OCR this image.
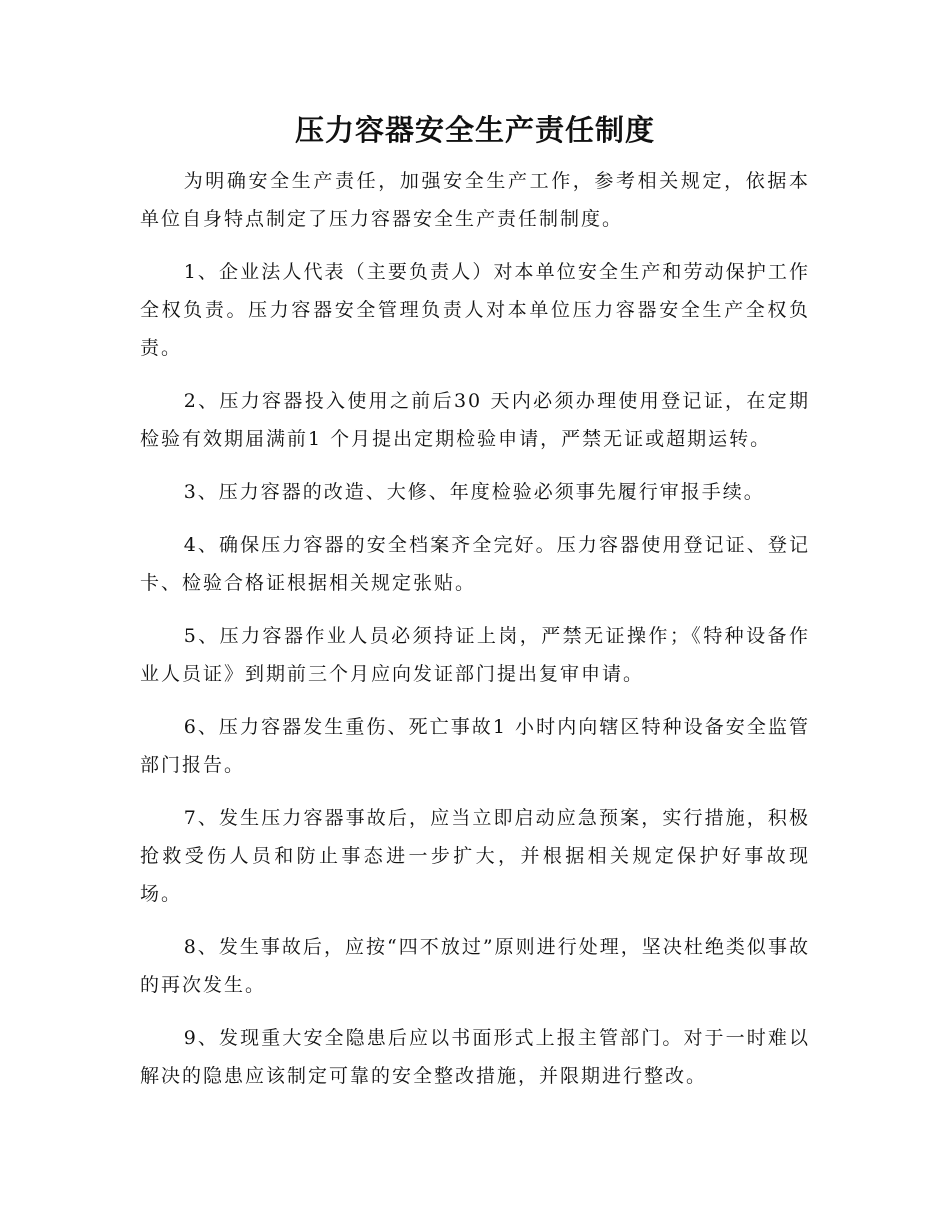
压力容器安全生产责任制度

为明确安全生产责任，加强安全生产工作，参考相关规定，依据本单位自身特点制定了压力容器安全生产责任制制度。

1、企业法人代表（主要负责人）对本单位安全生产和劳动保护工作全权负责。压力容器安全管理负责人对本单位压力容器安全生产全权负责。

2、压力容器投入使用之前后30 天内必须办理使用登记证，在定期检验有效期届满前1 个月提出定期检验申请，严禁无证或超期运转。

3、压力容器的改造、大修、年度检验必须事先履行审报手续。

4、确保压力容器的安全档案齐全完好。压力容器使用登记证、登记卡、检验合格证根据相关规定张贴。

5、压力容器作业人员必须持证上岗，严禁无证操作；《特种设备作业人员证》到期前三个月应向发证部门提出复审申请。

6、压力容器发生重伤、死亡事故1 小时内向辖区特种设备安全监管部门报告。

7、发生压力容器事故后，应当立即启动应急预案，实行措施，积极抢救受伤人员和防止事态进一步扩大，并根据相关规定保护好事故现场。

8、发生事故后，应按“四不放过”原则进行处理，坚决杜绝类似事故的再次发生。

9、发现重大安全隐患后应以书面形式上报主管部门。对于一时难以解决的隐患应该制定可靠的安全整改措施，并限期进行整改。
